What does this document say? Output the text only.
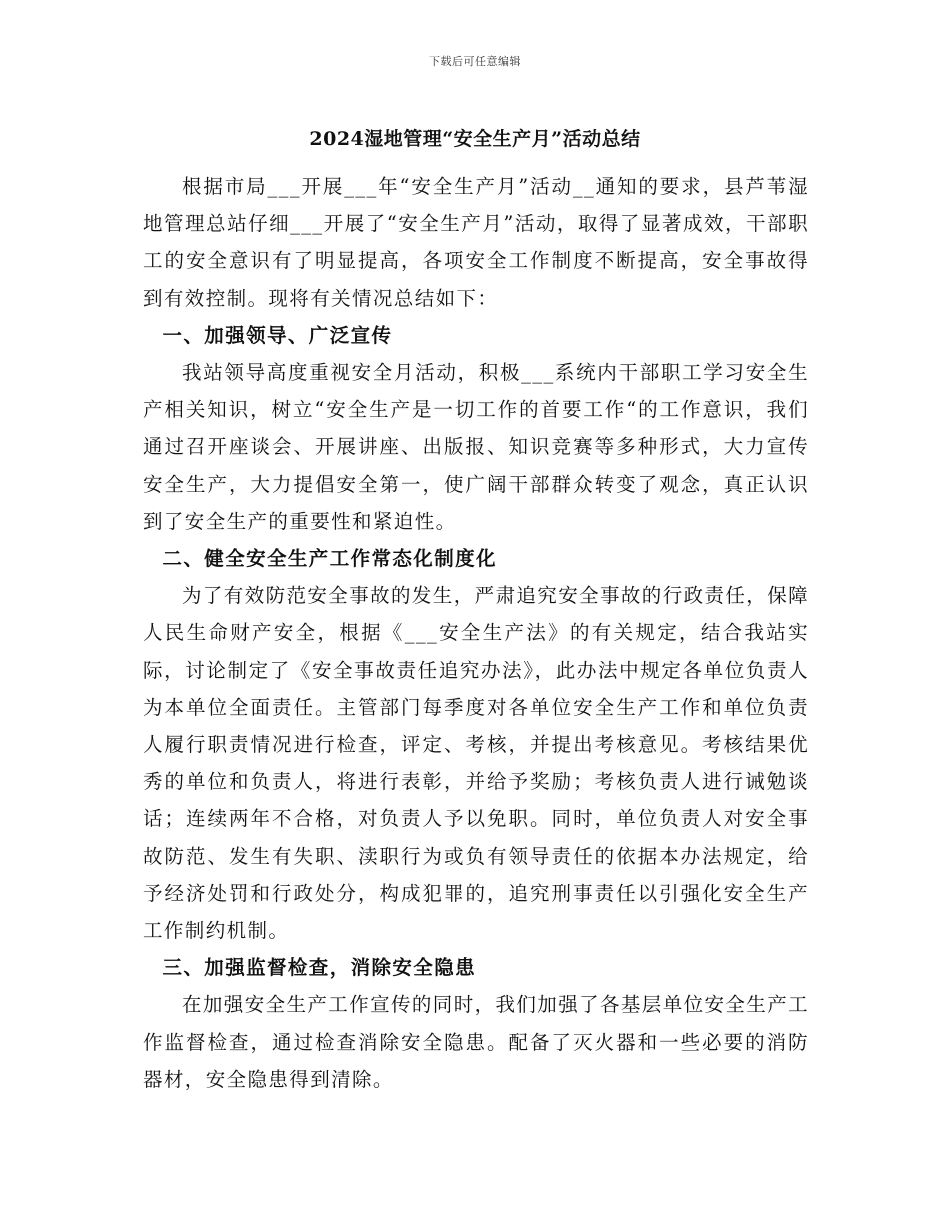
下载后可任意编辑
2024湿地管理“安全生产月”活动总结

根据市局___开展___年“安全生产月”活动__通知的要求，县芦苇湿地管理总站仔细___开展了“安全生产月”活动，取得了显著成效，干部职工的安全意识有了明显提高，各项安全工作制度不断提高，安全事故得到有效控制。现将有关情况总结如下：

一、加强领导、广泛宣传

我站领导高度重视安全月活动，积极___系统内干部职工学习安全生产相关知识，树立“安全生产是一切工作的首要工作“的工作意识，我们通过召开座谈会、开展讲座、出版报、知识竞赛等多种形式，大力宣传安全生产，大力提倡安全第一，使广阔干部群众转变了观念，真正认识到了安全生产的重要性和紧迫性。

二、健全安全生产工作常态化制度化

为了有效防范安全事故的发生，严肃追究安全事故的行政责任，保障人民生命财产安全，根据《___安全生产法》的有关规定，结合我站实际，讨论制定了《安全事故责任追究办法》，此办法中规定各单位负责人为本单位全面责任。主管部门每季度对各单位安全生产工作和单位负责人履行职责情况进行检查，评定、考核，并提出考核意见。考核结果优秀的单位和负责人，将进行表彰，并给予奖励；考核负责人进行诫勉谈话；连续两年不合格，对负责人予以免职。同时，单位负责人对安全事故防范、发生有失职、渎职行为或负有领导责任的依据本办法规定，给予经济处罚和行政处分，构成犯罪的，追究刑事责任以引强化安全生产工作制约机制。

三、加强监督检查，消除安全隐患

在加强安全生产工作宣传的同时，我们加强了各基层单位安全生产工作监督检查，通过检查消除安全隐患。配备了灭火器和一些必要的消防器材，安全隐患得到清除。
